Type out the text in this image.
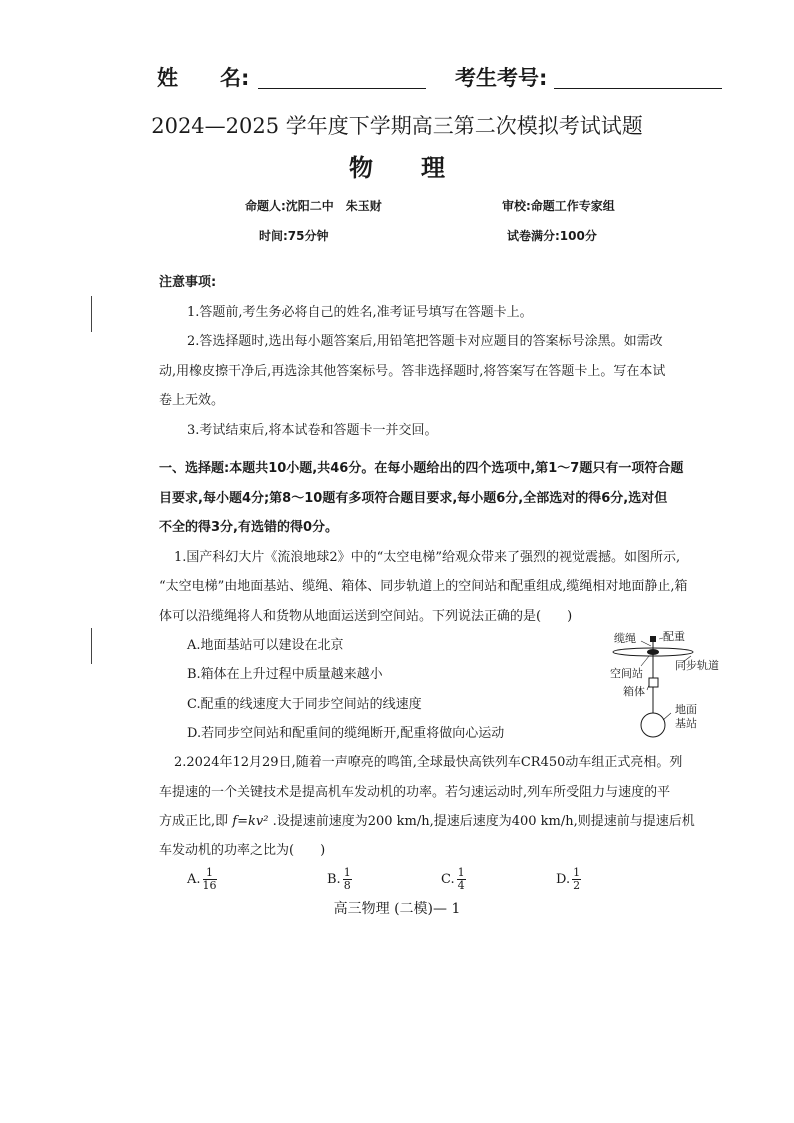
姓　　名:	考生考号:
2024—2025 学年度下学期高三第二次模拟考试试题
物　　理
命题人:沈阳二中　朱玉财	审校:命题工作专家组
时间:75分钟	试卷满分:100分
注意事项:
1.答题前,考生务必将自己的姓名,准考证号填写在答题卡上。
2.答选择题时,选出每小题答案后,用铅笔把答题卡对应题目的答案标号涂黑。如需改
动,用橡皮擦干净后,再选涂其他答案标号。答非选择题时,将答案写在答题卡上。写在本试
卷上无效。
3.考试结束后,将本试卷和答题卡一并交回。
一、选择题:本题共10小题,共46分。在每小题给出的四个选项中,第1～7题只有一项符合题
目要求,每小题4分;第8～10题有多项符合题目要求,每小题6分,全部选对的得6分,选对但
不全的得3分,有选错的得0分。
1.国产科幻大片《流浪地球2》中的“太空电梯”给观众带来了强烈的视觉震撼。如图所示,
“太空电梯”由地面基站、缆绳、箱体、同步轨道上的空间站和配重组成,缆绳相对地面静止,箱
体可以沿缆绳将人和货物从地面运送到空间站。下列说法正确的是(　　)
A.地面基站可以建设在北京
B.箱体在上升过程中质量越来越小
C.配重的线速度大于同步空间站的线速度
D.若同步空间站和配重间的缆绳断开,配重将做向心运动
缆绳 配重
空间站
同步轨道
箱体
地面
基站
2.2024年12月29日,随着一声嘹亮的鸣笛,全球最快高铁列车CR450动车组正式亮相。列
车提速的一个关键技术是提高机车发动机的功率。若匀速运动时,列车所受阻力与速度的平
方成正比,即 f=kv² .设提速前速度为200 km/h,提速后速度为400 km/h,则提速前与提速后机
车发动机的功率之比为(　　)
A. $\frac{1}{16}$	B. $\frac{1}{8}$	C. $\frac{1}{4}$	D. $\frac{1}{2}$
高三物理 (二模)— 1
